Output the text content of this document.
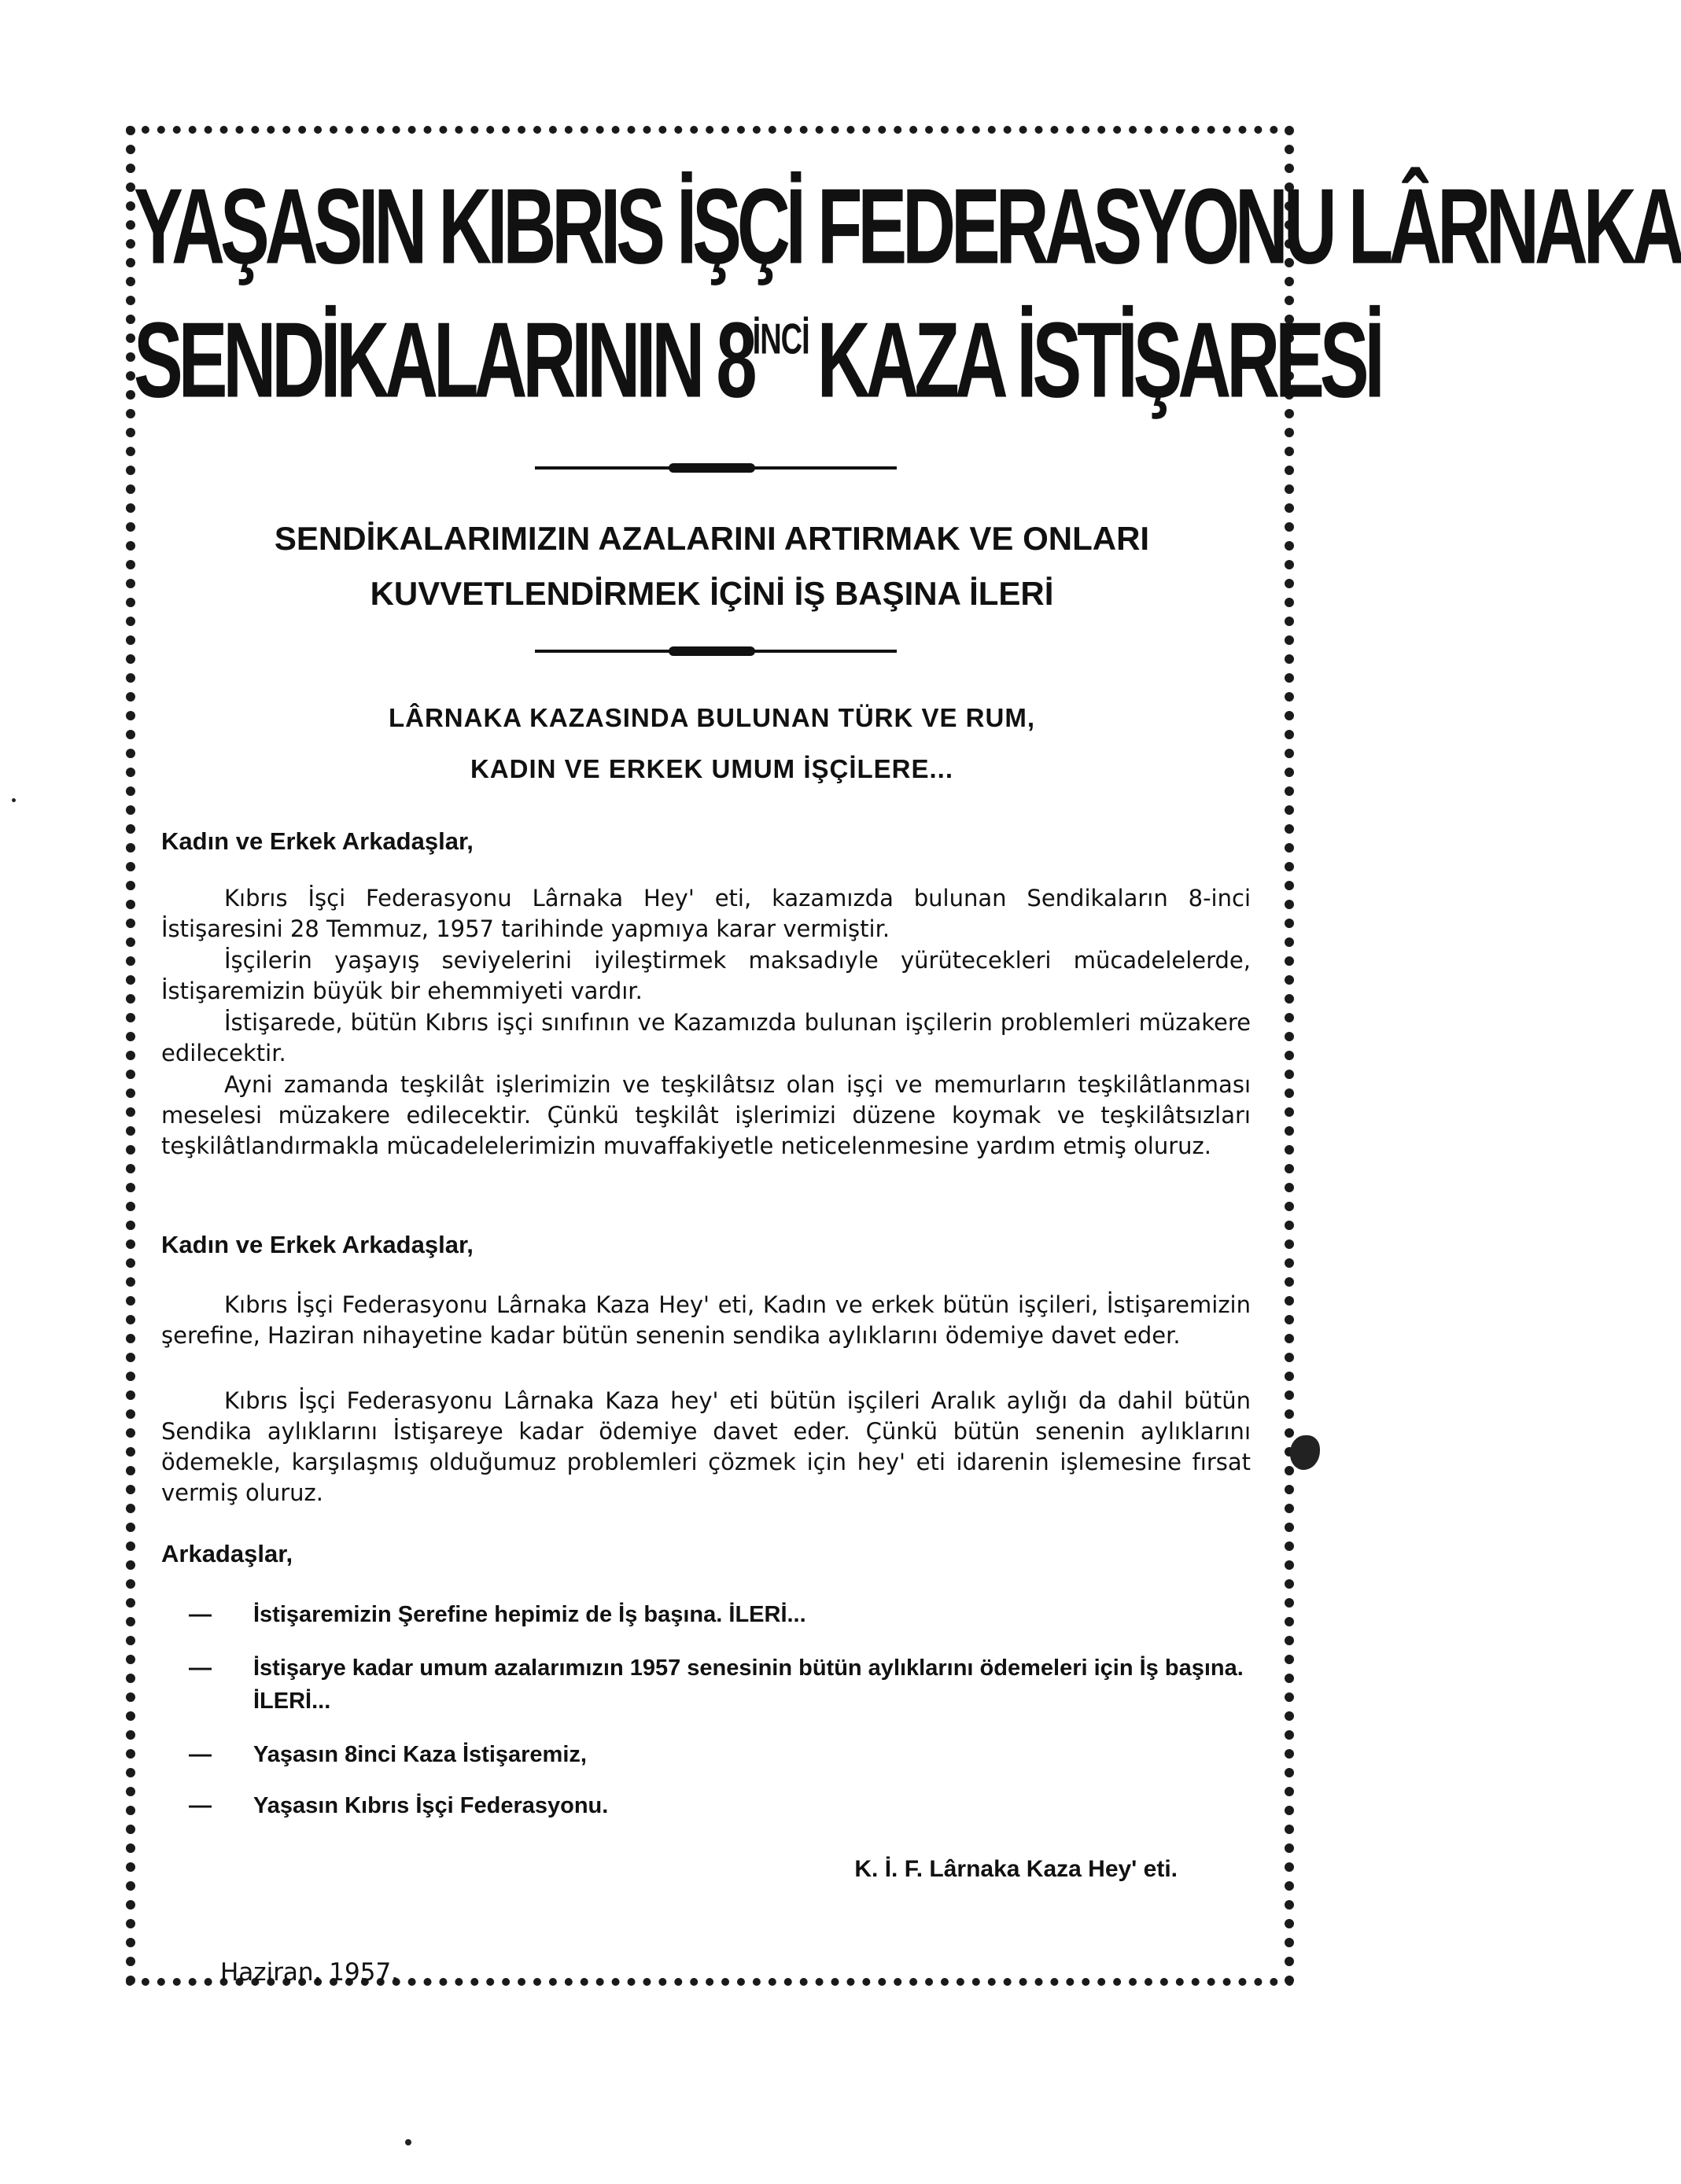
YAŞASIN KIBRIS İŞÇİ FEDERASYONU LÂRNAKA
SENDİKALARININ $8^{İNCİ}$ KAZA İSTİŞARESİ
SENDİKALARIMIZIN AZALARINI ARTIRMAK VE ONLARI
KUVVETLENDİRMEK İÇİNİ İŞ BAŞINA İLERİ
LÂRNAKA KAZASINDA BULUNAN TÜRK VE RUM,
KADIN VE ERKEK UMUM İŞÇİLERE...

Kadın ve Erkek Arkadaşlar,

Kıbrıs İşçi Federasyonu Lârnaka Hey' eti, kazamızda bulunan Sendikaların 8-inci İstişaresini 28 Temmuz, 1957 tarihinde yapmıya karar vermiştir.

İşçilerin yaşayış seviyelerini iyileştirmek maksadıyle yürütecekleri mücadelelerde, İstişaremizin büyük bir ehemmiyeti vardır.

İstişarede, bütün Kıbrıs işçi sınıfının ve Kazamızda bulunan işçilerin problemleri müzakere edilecektir.

Ayni zamanda teşkilât işlerimizin ve teşkilâtsız olan işçi ve memurların teşkilâtlanması meselesi müzakere edilecektir. Çünkü teşkilât işlerimizi düzene koymak ve teşkilâtsızları teşkilâtlandırmakla mücadelelerimizin muvaffakiyetle neticelenmesine yardım etmiş oluruz.

Kadın ve Erkek Arkadaşlar,

Kıbrıs İşçi Federasyonu Lârnaka Kaza Hey' eti, Kadın ve erkek bütün işçileri, İstişaremizin şerefine, Haziran nihayetine kadar bütün senenin sendika aylıklarını ödemiye davet eder.

Kıbrıs İşçi Federasyonu Lârnaka Kaza hey' eti bütün işçileri Aralık aylığı da dahil bütün Sendika aylıklarını İstişareye kadar ödemiye davet eder. Çünkü bütün senenin aylıklarını ödemekle, karşılaşmış olduğumuz problemleri çözmek için hey' eti idarenin işlemesine fırsat vermiş oluruz.

Arkadaşlar,

—	İstişaremizin Şerefine hepimiz de İş başına. İLERİ...
—	İstişarye kadar umum azalarımızın 1957 senesinin bütün aylıklarını ödemeleri için İş başına. İLERİ...
—	Yaşasın 8inci Kaza İstişaremiz,
—	Yaşasın Kıbrıs İşçi Federasyonu.

K. İ. F. Lârnaka Kaza Hey' eti.

Haziran, 1957.
